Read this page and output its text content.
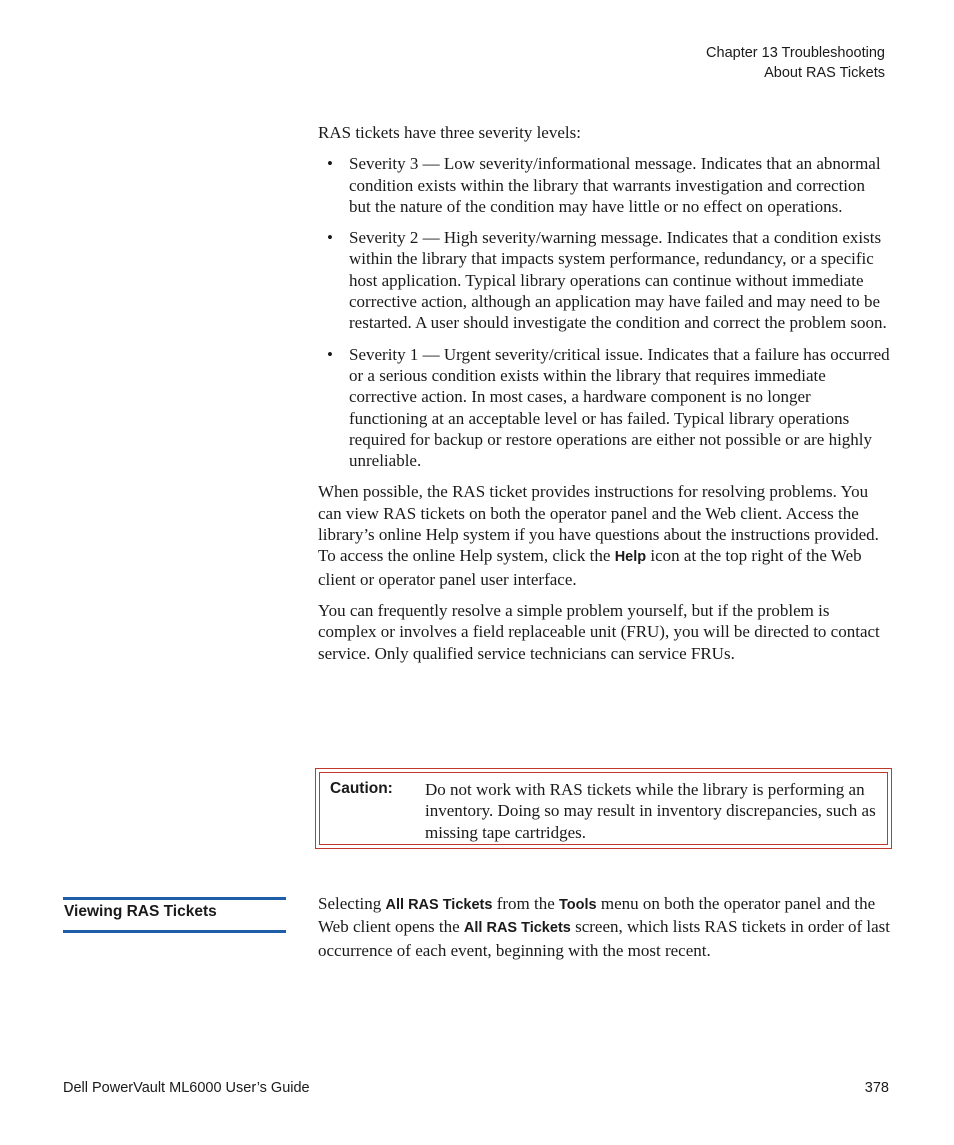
Chapter 13 Troubleshooting
About RAS Tickets

RAS tickets have three severity levels:

• Severity 3 — Low severity/informational message. Indicates that an abnormal condition exists within the library that warrants investigation and correction but the nature of the condition may have little or no effect on operations.
• Severity 2 — High severity/warning message. Indicates that a condition exists within the library that impacts system performance, redundancy, or a specific host application. Typical library operations can continue without immediate corrective action, although an application may have failed and may need to be restarted. A user should investigate the condition and correct the problem soon.
• Severity 1 — Urgent severity/critical issue. Indicates that a failure has occurred or a serious condition exists within the library that requires immediate corrective action. In most cases, a hardware component is no longer functioning at an acceptable level or has failed. Typical library operations required for backup or restore operations are either not possible or are highly unreliable.

When possible, the RAS ticket provides instructions for resolving problems. You can view RAS tickets on both the operator panel and the Web client. Access the library’s online Help system if you have questions about the instructions provided. To access the online Help system, click the Help icon at the top right of the Web client or operator panel user interface.

You can frequently resolve a simple problem yourself, but if the problem is complex or involves a field replaceable unit (FRU), you will be directed to contact service. Only qualified service technicians can service FRUs.

Caution: Do not work with RAS tickets while the library is performing an inventory. Doing so may result in inventory discrepancies, such as missing tape cartridges.
Viewing RAS Tickets	Selecting All RAS Tickets from the Tools menu on both the operator panel and the Web client opens the All RAS Tickets screen, which lists RAS tickets in order of last occurrence of each event, beginning with the most recent.

Dell PowerVault ML6000 User’s Guide	378
